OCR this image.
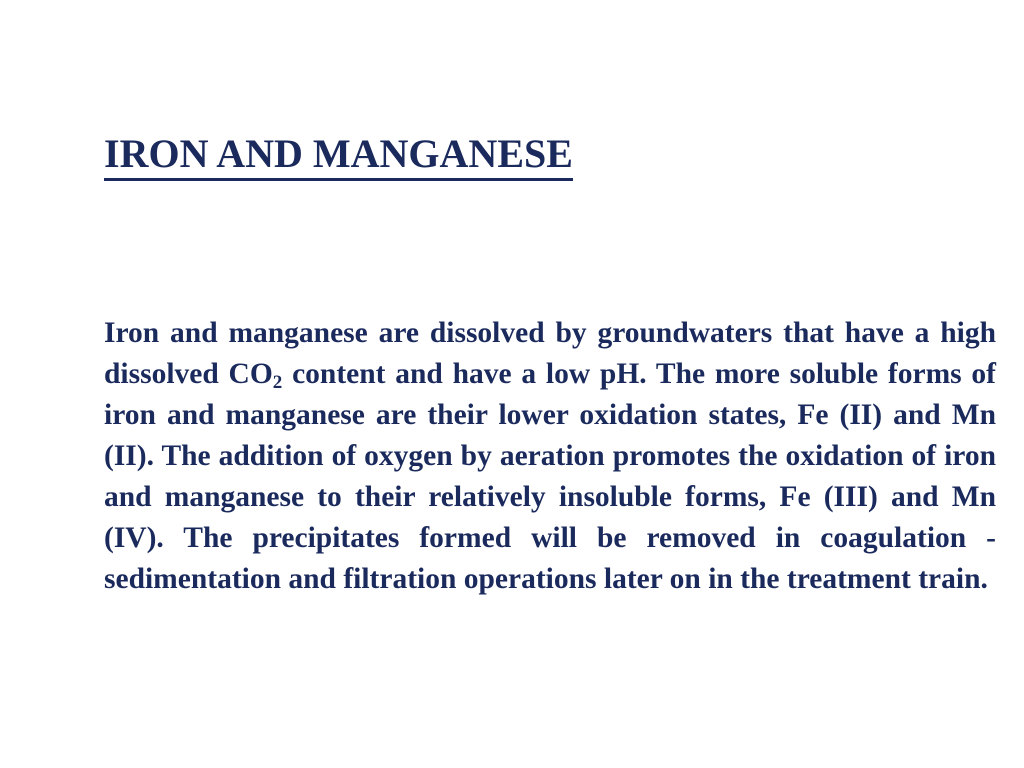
IRON AND MANGANESE

Iron and manganese are dissolved by groundwaters that have a high dissolved $CO_2$ content and have a low pH. The more soluble forms of iron and manganese are their lower oxidation states, Fe (II) and Mn (II). The addition of oxygen by aeration promotes the oxidation of iron and manganese to their relatively insoluble forms, Fe (III) and Mn (IV). The precipitates formed will be removed in coagulation - sedimentation and filtration operations later on in the treatment train.
